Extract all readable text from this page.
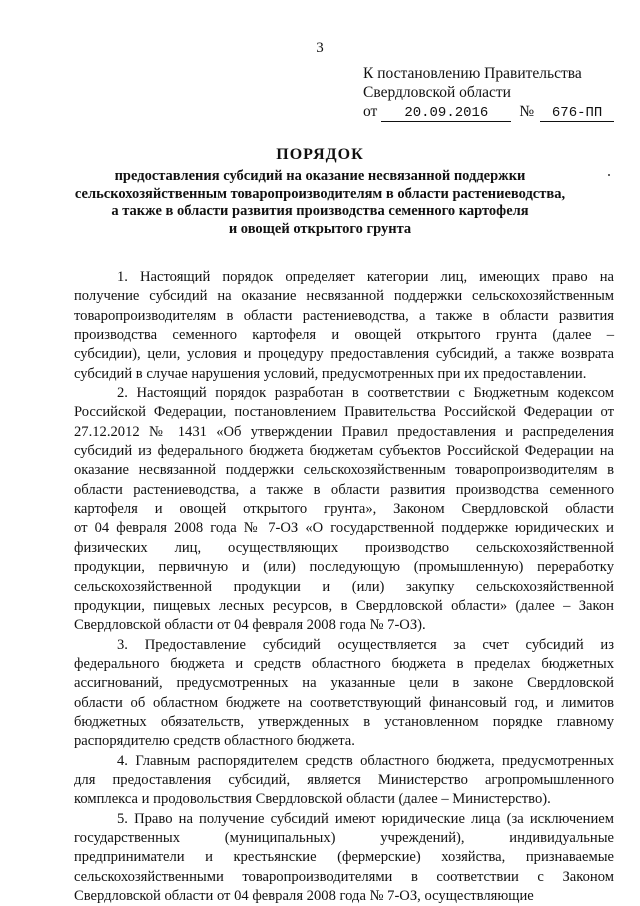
3
К постановлению Правительства
Свердловской области
от 20.09.2016 № 676-ПП
ПОРЯДОК
предоставления субсидий на оказание несвязанной поддержки
сельскохозяйственным товаропроизводителям в области растениеводства,
а также в области развития производства семенного картофеля
и овощей открытого грунта
1. Настоящий порядок определяет категории лиц, имеющих право на
получение субсидий на оказание несвязанной поддержки сельскохозяйственным
товаропроизводителям в области растениеводства, а также в области развития
производства семенного картофеля и овощей открытого грунта (далее –
субсидии), цели, условия и процедуру предоставления субсидий, а также возврата
субсидий в случае нарушения условий, предусмотренных при их предоставлении.
2. Настоящий порядок разработан в соответствии с Бюджетным кодексом
Российской Федерации, постановлением Правительства Российской Федерации от
27.12.2012 № 1431 «Об утверждении Правил предоставления и распределения
субсидий из федерального бюджета бюджетам субъектов Российской Федерации на
оказание несвязанной поддержки сельскохозяйственным товаропроизводителям в
области растениеводства, а также в области развития производства семенного
картофеля и овощей открытого грунта», Законом Свердловской области
от 04 февраля 2008 года № 7-ОЗ «О государственной поддержке юридических и
физических лиц, осуществляющих производство сельскохозяйственной
продукции, первичную и (или) последующую (промышленную) переработку
сельскохозяйственной продукции и (или) закупку сельскохозяйственной
продукции, пищевых лесных ресурсов, в Свердловской области» (далее – Закон
Свердловской области от 04 февраля 2008 года № 7-ОЗ).
3. Предоставление субсидий осуществляется за счет субсидий из
федерального бюджета и средств областного бюджета в пределах бюджетных
ассигнований, предусмотренных на указанные цели в законе Свердловской
области об областном бюджете на соответствующий финансовый год, и лимитов
бюджетных обязательств, утвержденных в установленном порядке главному
распорядителю средств областного бюджета.
4. Главным распорядителем средств областного бюджета, предусмотренных
для предоставления субсидий, является Министерство агропромышленного
комплекса и продовольствия Свердловской области (далее – Министерство).
5. Право на получение субсидий имеют юридические лица (за исключением
государственных (муниципальных) учреждений), индивидуальные
предприниматели и крестьянские (фермерские) хозяйства, признаваемые
сельскохозяйственными товаропроизводителями в соответствии с Законом
Свердловской области от 04 февраля 2008 года № 7-ОЗ, осуществляющие
